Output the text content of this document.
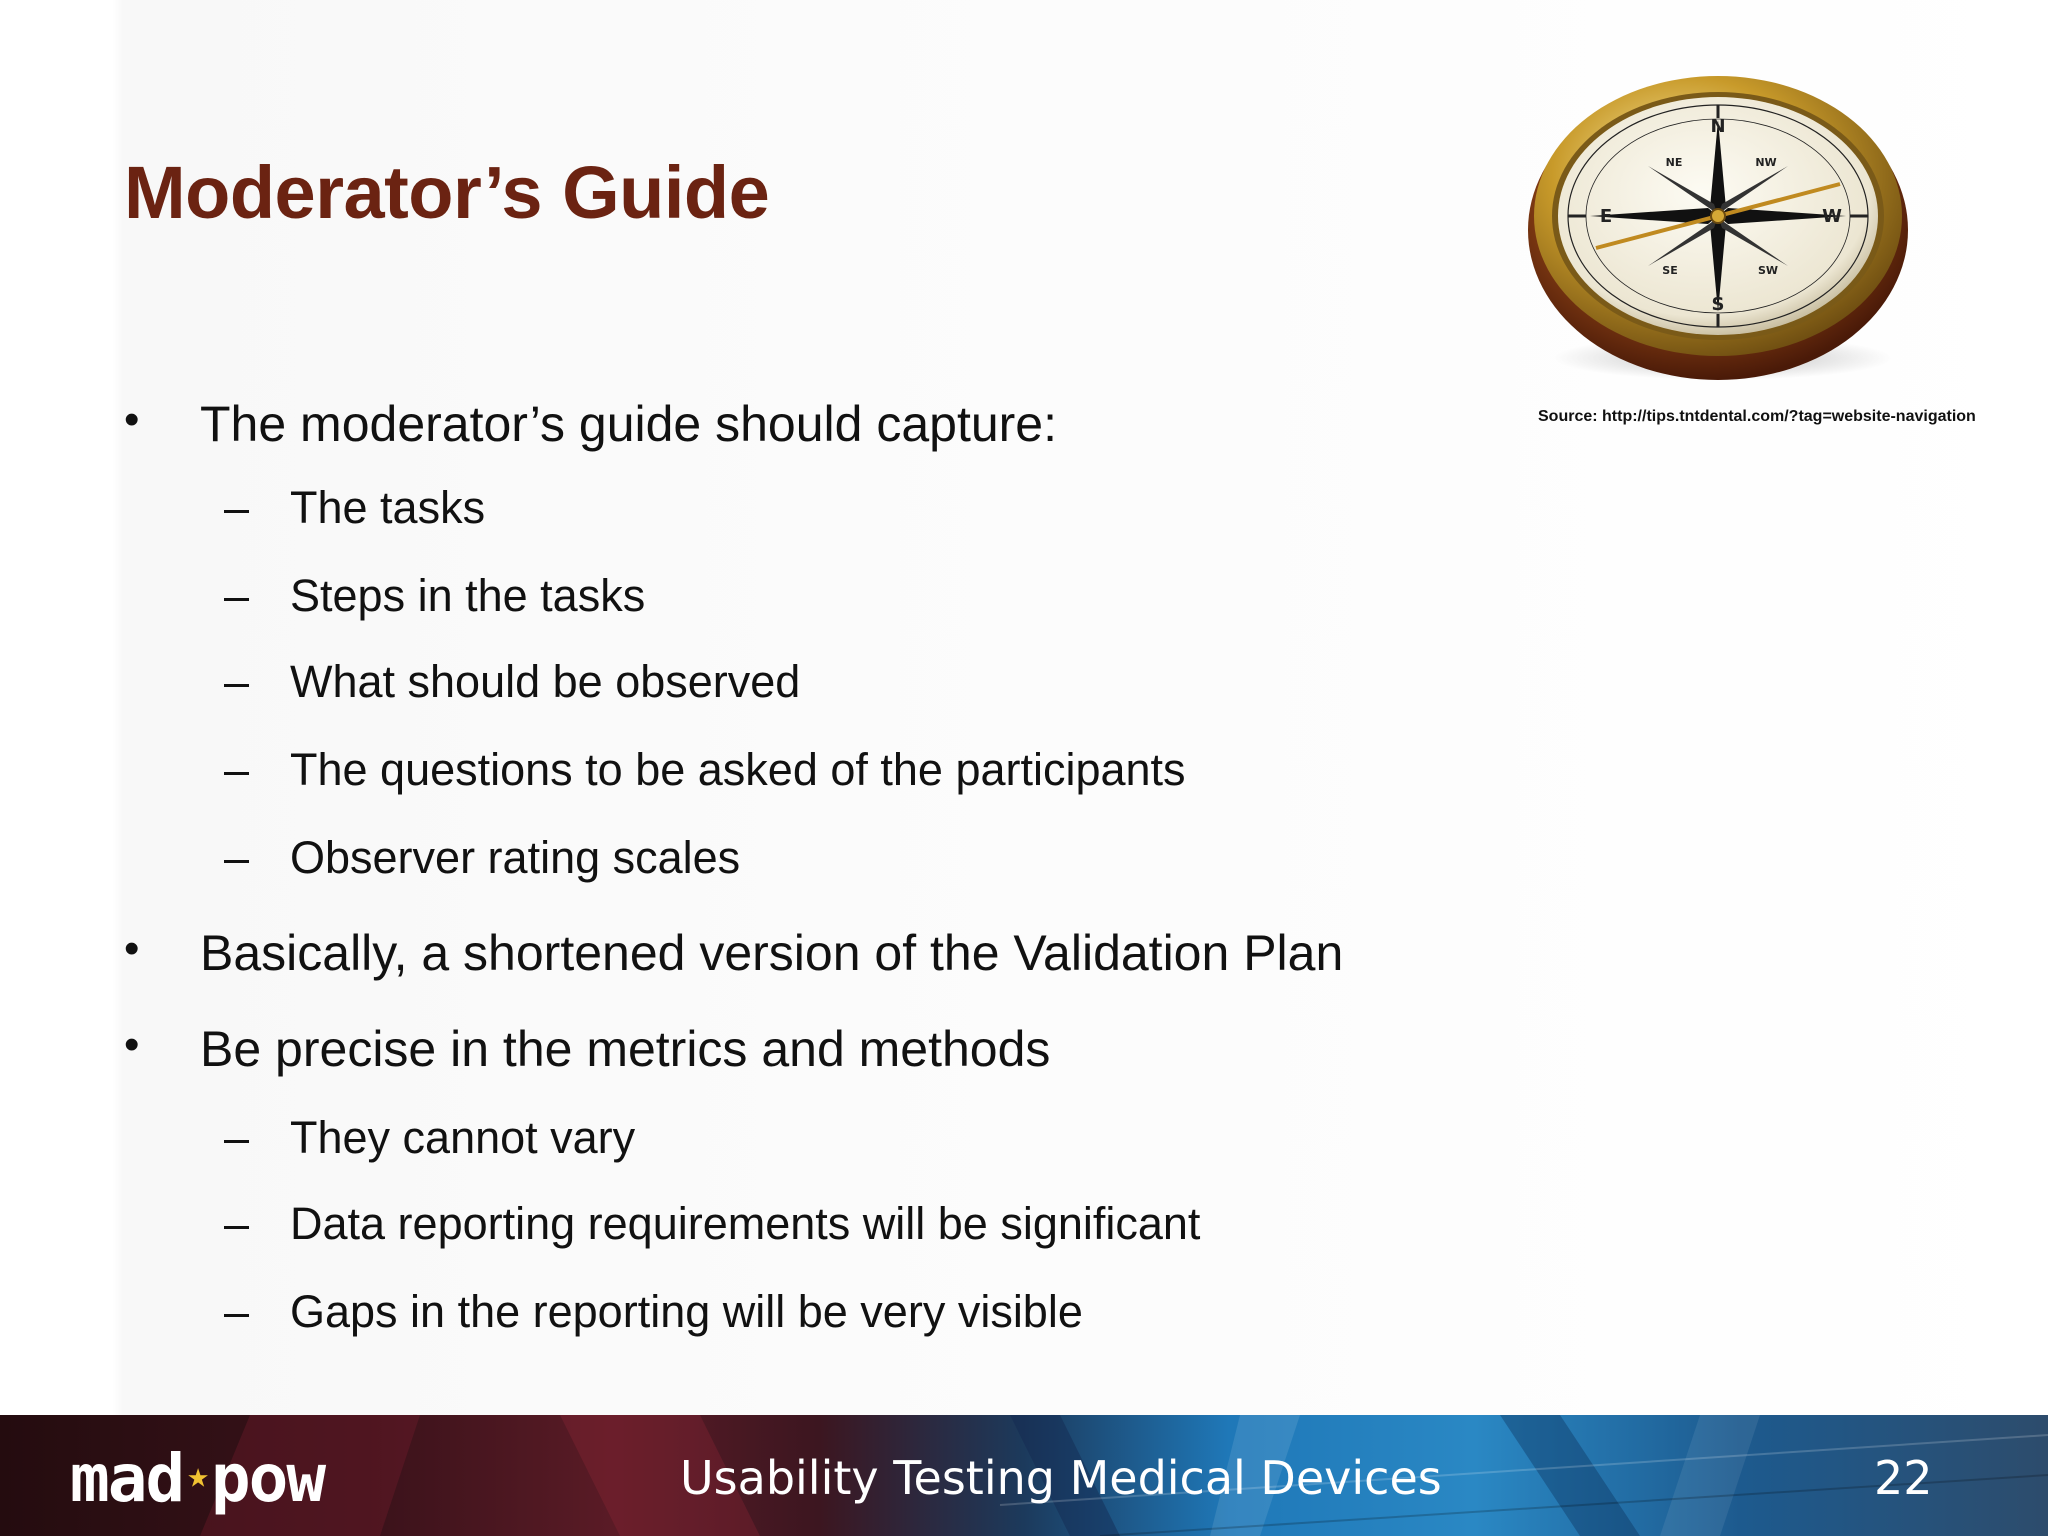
Moderator’s Guide
• The moderator’s guide should capture:
– The tasks
– Steps in the tasks
– What should be observed
– The questions to be asked of the participants
– Observer rating scales
• Basically, a shortened version of the Validation Plan
• Be precise in the metrics and methods
– They cannot vary
– Data reporting requirements will be significant
– Gaps in the reporting will be very visible
N
S
E	W
NE	NW
SE	SW
Source: http://tips.tntdental.com/?tag=website-navigation
mad ★pow	Usability Testing Medical Devices	22
